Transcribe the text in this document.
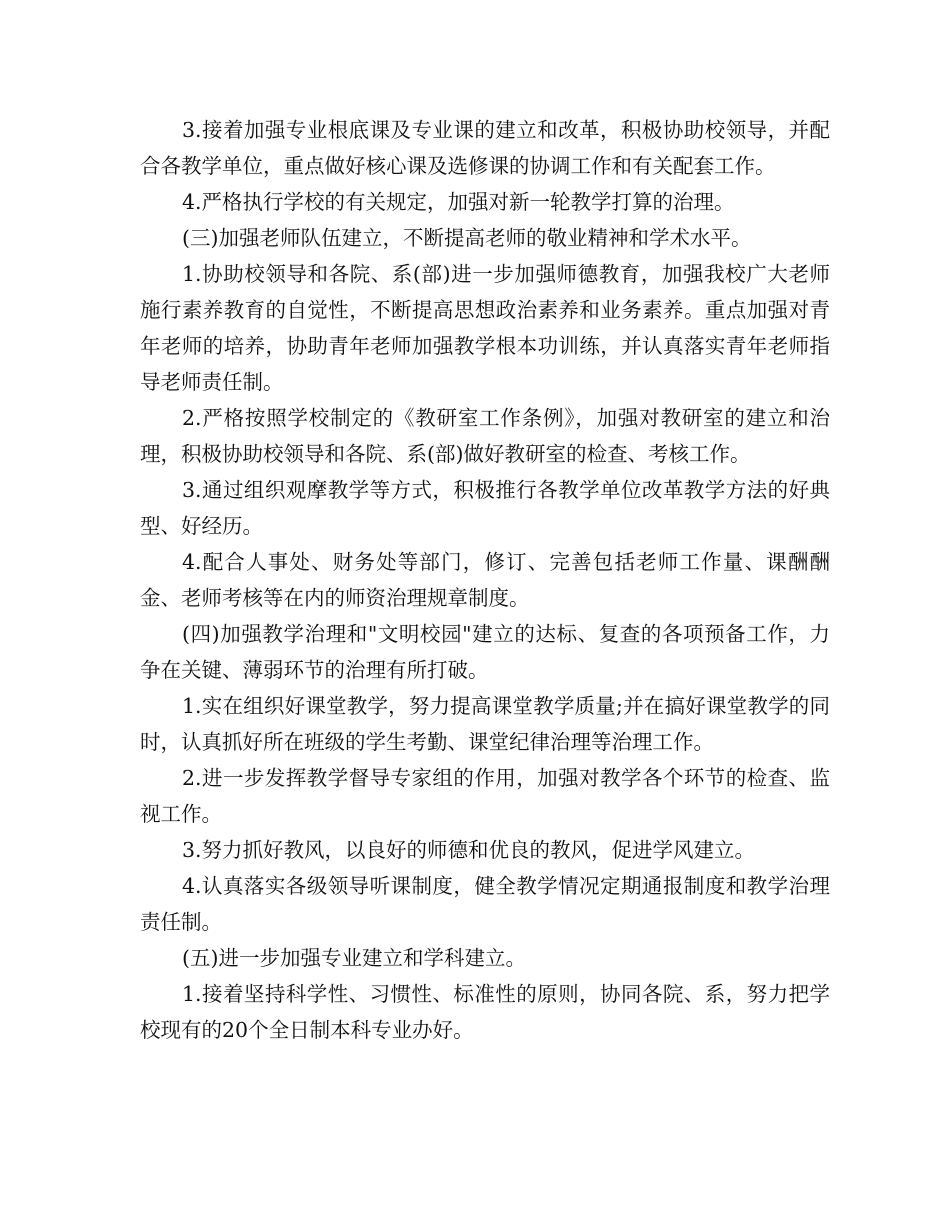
3.接着加强专业根底课及专业课的建立和改革，积极协助校领导，并配合各教学单位，重点做好核心课及选修课的协调工作和有关配套工作。

4.严格执行学校的有关规定，加强对新一轮教学打算的治理。

(三)加强老师队伍建立，不断提高老师的敬业精神和学术水平。

1.协助校领导和各院、系(部)进一步加强师德教育，加强我校广大老师施行素养教育的自觉性，不断提高思想政治素养和业务素养。重点加强对青年老师的培养，协助青年老师加强教学根本功训练，并认真落实青年老师指导老师责任制。

2.严格按照学校制定的《教研室工作条例》，加强对教研室的建立和治理，积极协助校领导和各院、系(部)做好教研室的检查、考核工作。

3.通过组织观摩教学等方式，积极推行各教学单位改革教学方法的好典型、好经历。

4.配合人事处、财务处等部门，修订、完善包括老师工作量、课酬酬金、老师考核等在内的师资治理规章制度。

(四)加强教学治理和"文明校园"建立的达标、复查的各项预备工作，力争在关键、薄弱环节的治理有所打破。

1.实在组织好课堂教学，努力提高课堂教学质量;并在搞好课堂教学的同时，认真抓好所在班级的学生考勤、课堂纪律治理等治理工作。

2.进一步发挥教学督导专家组的作用，加强对教学各个环节的检查、监视工作。

3.努力抓好教风，以良好的师德和优良的教风，促进学风建立。

4.认真落实各级领导听课制度，健全教学情况定期通报制度和教学治理责任制。

(五)进一步加强专业建立和学科建立。

1.接着坚持科学性、习惯性、标准性的原则，协同各院、系，努力把学校现有的20个全日制本科专业办好。
